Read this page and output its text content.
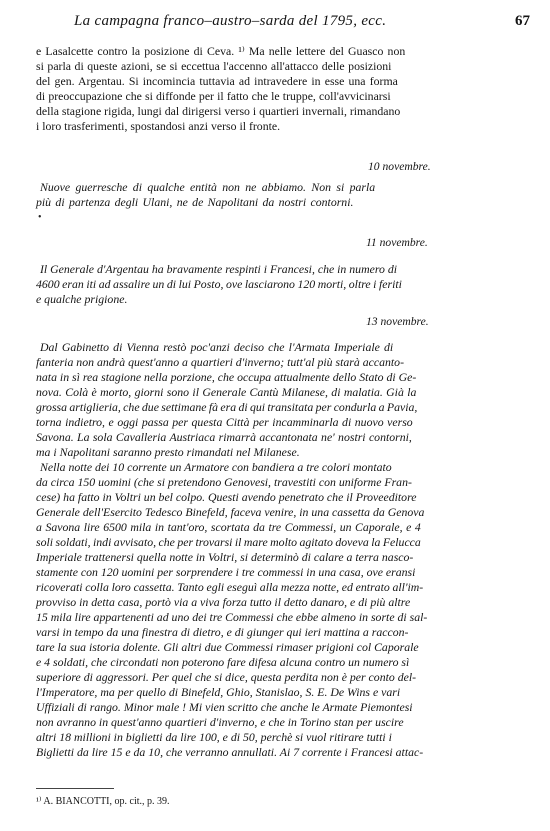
La campagna franco–austro–sarda del 1795, ecc.	67
e Lasalcette contro la posizione di Ceva. ¹⁾ Ma nelle lettere del Guasco non
si parla di queste azioni, se si eccettua l'accenno all'attacco delle posizioni
del gen. Argentau. Si incomincia tuttavia ad intravedere in esse una forma
di preoccupazione che si diffonde per il fatto che le truppe, coll'avvicinarsi
della stagione rigida, lungi dal dirigersi verso i quartieri invernali, rimandano
i loro trasferimenti, spostandosi anzi verso il fronte.
10 novembre.
Nuove guerresche di qualche entità non ne abbiamo. Non si parla
più di partenza degli Ulani, ne de Napolitani da nostri contorni.
•
11 novembre.
Il Generale d'Argentau ha bravamente respinti i Francesi, che in numero di
4600 eran iti ad assalire un di lui Posto, ove lasciarono 120 morti, oltre i feriti
e qualche prigione.
13 novembre.
Dal Gabinetto di Vienna restò poc'anzi deciso che l'Armata Imperiale di
fanteria non andrà quest'anno a quartieri d'inverno; tutt'al più starà accanto-
nata in sì rea stagione nella porzione, che occupa attualmente dello Stato di Ge-
nova. Colà è morto, giorni sono il Generale Cantù Milanese, di malatia. Già la
grossa artiglieria, che due settimane fà era di qui transitata per condurla a Pavia,
torna indietro, e oggi passa per questa Città per incamminarla di nuovo verso
Savona. La sola Cavalleria Austriaca rimarrà accantonata ne' nostri contorni,
ma i Napolitani saranno presto rimandati nel Milanese.
Nella notte dei 10 corrente un Armatore con bandiera a tre colori montato
da circa 150 uomini (che si pretendono Genovesi, travestiti con uniforme Fran-
cese) ha fatto in Voltri un bel colpo. Questi avendo penetrato che il Proveeditore
Generale dell'Esercito Tedesco Binefeld, faceva venire, in una cassetta da Genova
a Savona lire 6500 mila in tant'oro, scortata da tre Commessi, un Caporale, e 4
soli soldati, indi avvisato, che per trovarsi il mare molto agitato doveva la Felucca
Imperiale trattenersi quella notte in Voltri, si determinò di calare a terra nasco-
stamente con 120 uomini per sorprendere i tre commessi in una casa, ove eransi
ricoverati colla loro cassetta. Tanto egli eseguì alla mezza notte, ed entrato all'im-
provviso in detta casa, portò via a viva forza tutto il detto danaro, e di più altre
15 mila lire appartenenti ad uno dei tre Commessi che ebbe almeno in sorte di sal-
varsi in tempo da una finestra di dietro, e di giunger qui ieri mattina a raccon-
tare la sua istoria dolente. Gli altri due Commessi rimaser prigioni col Caporale
e 4 soldati, che circondati non poterono fare difesa alcuna contro un numero sì
superiore di aggressori. Per quel che si dice, questa perdita non è per conto del-
l'Imperatore, ma per quello di Binefeld, Ghio, Stanislao, S. E. De Wins e vari
Uffiziali di rango. Minor male ! Mi vien scritto che anche le Armate Piemontesi
non avranno in quest'anno quartieri d'inverno, e che in Torino stan per uscire
altri 18 millioni in biglietti da lire 100, e di 50, perchè si vuol ritirare tutti i
Biglietti da lire 15 e da 10, che verranno annullati. Ai 7 corrente i Francesi attac-
¹⁾ A. BIANCOTTI, op. cit., p. 39.
